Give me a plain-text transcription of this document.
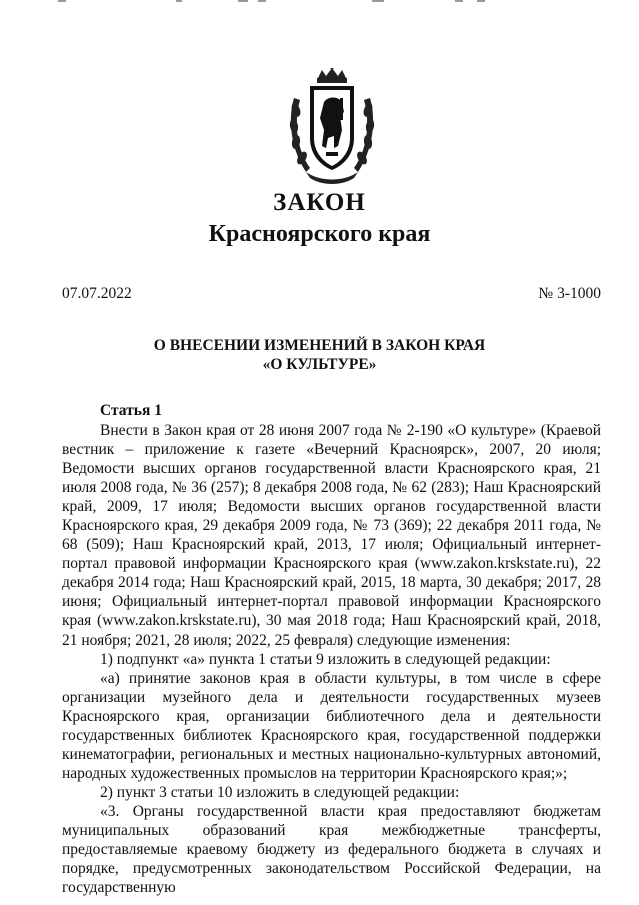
ЗАКОН
Красноярского края
07.07.2022	№ 3-1000
О ВНЕСЕНИИ ИЗМЕНЕНИЙ В ЗАКОН КРАЯ
«О КУЛЬТУРЕ»
Статья 1

Внести в Закон края от 28 июня 2007 года № 2-190 «О культуре» (Краевой вестник – приложение к газете «Вечерний Красноярск», 2007, 20 июля; Ведомости высших органов государственной власти Красноярского края, 21 июля 2008 года, № 36 (257); 8 декабря 2008 года, № 62 (283); Наш Красноярский край, 2009, 17 июля; Ведомости высших органов государственной власти Красноярского края, 29 декабря 2009 года, № 73 (369); 22 декабря 2011 года, № 68 (509); Наш Красноярский край, 2013, 17 июля; Официальный интернет-портал правовой информации Красноярского края (www.zakon.krskstate.ru), 22 декабря 2014 года; Наш Красноярский край, 2015, 18 марта, 30 декабря; 2017, 28 июня; Официальный интернет-портал правовой информации Красноярского края (www.zakon.krskstate.ru), 30 мая 2018 года; Наш Красноярский край, 2018, 21 ноября; 2021, 28 июля; 2022, 25 февраля) следующие изменения:

1) подпункт «а» пункта 1 статьи 9 изложить в следующей редакции:

«а) принятие законов края в области культуры, в том числе в сфере организации музейного дела и деятельности государственных музеев Красноярского края, организации библиотечного дела и деятельности государственных библиотек Красноярского края, государственной поддержки кинематографии, региональных и местных национально-культурных автономий, народных художественных промыслов на территории Красноярского края;»;

2) пункт 3 статьи 10 изложить в следующей редакции:

«3. Органы государственной власти края предоставляют бюджетам муниципальных образований края межбюджетные трансферты, предоставляемые краевому бюджету из федерального бюджета в случаях и порядке, предусмотренных законодательством Российской Федерации, на государственную
